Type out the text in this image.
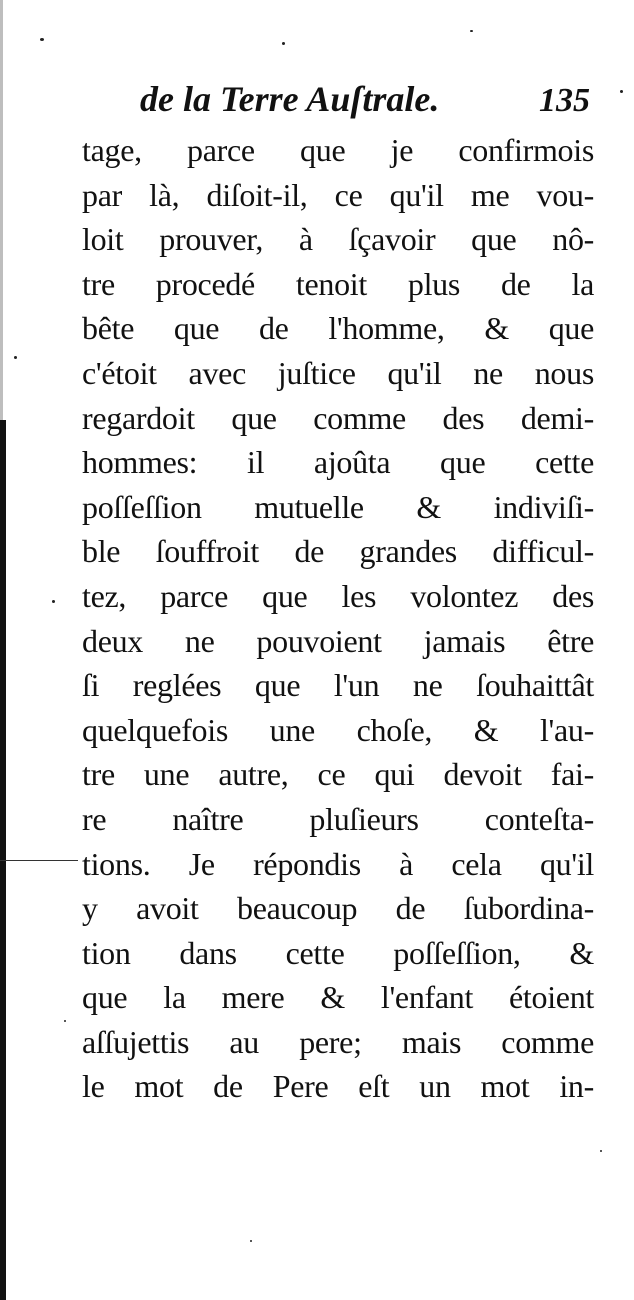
de la Terre Auſtrale.	135
tage, parce que je confirmois
par là, diſoit-il, ce qu'il me vou-
loit prouver, à ſçavoir que nô-
tre procedé tenoit plus de la
bête que de l'homme, & que
c'étoit avec juſtice qu'il ne nous
regardoit que comme des demi-
hommes: il ajoûta que cette
poſſeſſion mutuelle & indiviſi-
ble ſouffroit de grandes difficul-
tez, parce que les volontez des
deux ne pouvoient jamais être
ſi reglées que l'un ne ſouhaittât
quelquefois une choſe, & l'au-
tre une autre, ce qui devoit fai-
re naître pluſieurs conteſta-
tions. Je répondis à cela qu'il
y avoit beaucoup de ſubordina-
tion dans cette poſſeſſion, &
que la mere & l'enfant étoient
aſſujettis au pere; mais comme
le mot de Pere eſt un mot in-
